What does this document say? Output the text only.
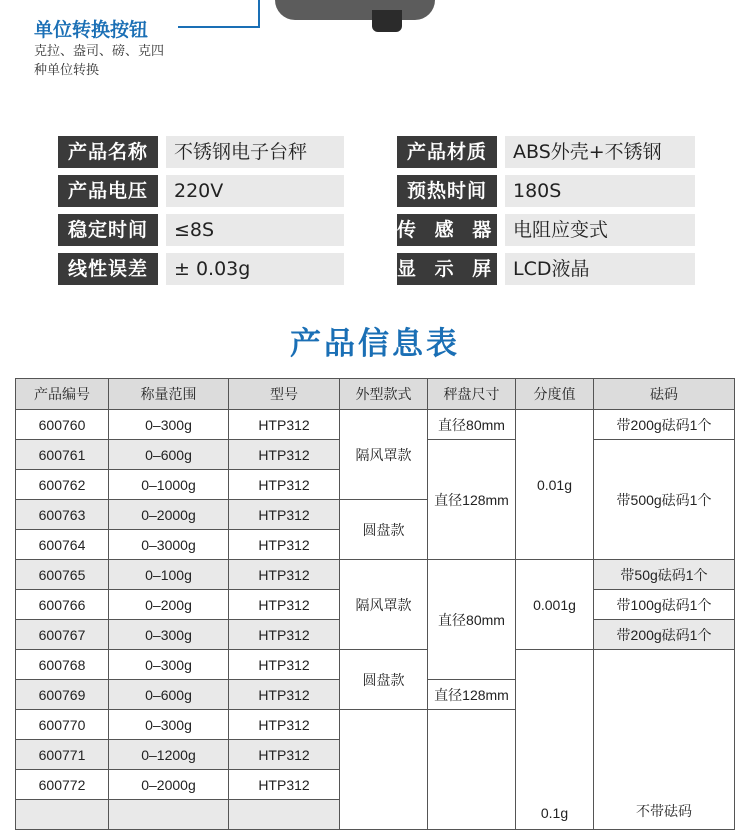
单位转换按钮
克拉、盎司、磅、克四种单位转换
产品名称	不锈钢电子台秤
产品电压	220V
稳定时间	≤8S
线性误差	± 0.03g
产品材质	ABS外壳+不锈钢
预热时间	180S
传 感 器 电阻应变式
显 示 屏 LCD液晶
产品信息表
产品编号	称量范围	型号	外型款式	秤盘尺寸	分度值	砝码
600760	0–300g	HTP312	隔风罩款	直径80mm	0.01g	带200g砝码1个
600761	0–600g	HTP312		直径128mm		带500g砝码1个
600762	0–1000g	HTP312				
600763	0–2000g	HTP312	圆盘款			
600764	0–3000g	HTP312				
600765	0–100g	HTP312	隔风罩款	直径80mm	0.001g	带50g砝码1个
600766	0–200g	HTP312				带100g砝码1个
600767	0–300g	HTP312				带200g砝码1个
600768	0–300g	HTP312	圆盘款		0.1g	不带砝码
600769	0–600g	HTP312		直径128mm		
600770	0–300g	HTP312				
600771	0–1200g	HTP312				
600772	0–2000g	HTP312				
